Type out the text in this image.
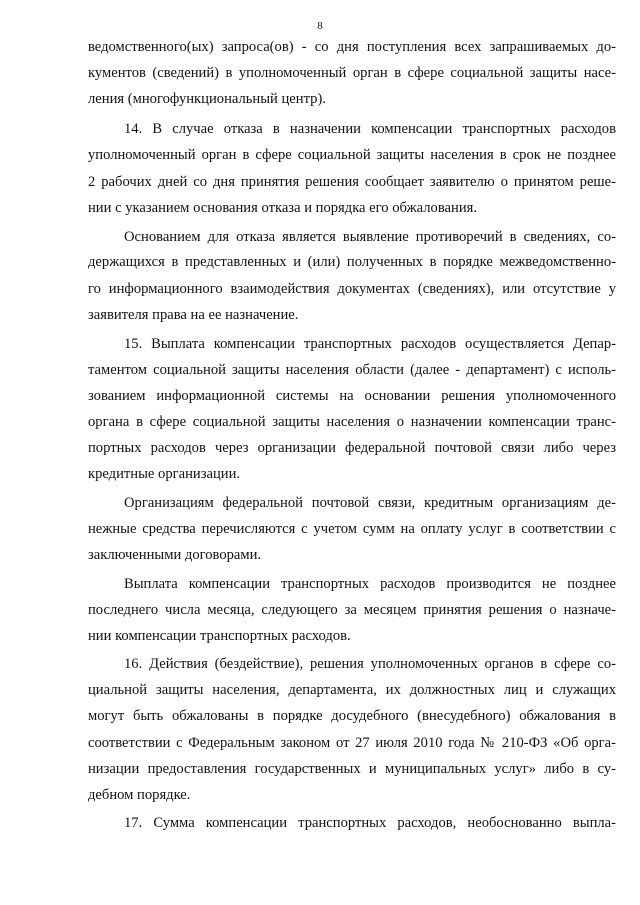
8
ведомственного(ых) запроса(ов) - со дня поступления всех запрашиваемых до-
кументов (сведений) в уполномоченный орган в сфере социальной защиты насе-
ления (многофункциональный центр).
14. В случае отказа в назначении компенсации транспортных расходов
уполномоченный орган в сфере социальной защиты населения в срок не позднее
2 рабочих дней со дня принятия решения сообщает заявителю о принятом реше-
нии с указанием основания отказа и порядка его обжалования.
Основанием для отказа является выявление противоречий в сведениях, со-
держащихся в представленных и (или) полученных в порядке межведомственно-
го информационного взаимодействия документах (сведениях), или отсутствие у
заявителя права на ее назначение.
15. Выплата компенсации транспортных расходов осуществляется Депар-
таментом социальной защиты населения области (далее - департамент) с исполь-
зованием информационной системы на основании решения уполномоченного
органа в сфере социальной защиты населения о назначении компенсации транс-
портных расходов через организации федеральной почтовой связи либо через
кредитные организации.
Организациям федеральной почтовой связи, кредитным организациям де-
нежные средства перечисляются с учетом сумм на оплату услуг в соответствии с
заключенными договорами.
Выплата компенсации транспортных расходов производится не позднее
последнего числа месяца, следующего за месяцем принятия решения о назначе-
нии компенсации транспортных расходов.
16. Действия (бездействие), решения уполномоченных органов в сфере со-
циальной защиты населения, департамента, их должностных лиц и служащих
могут быть обжалованы в порядке досудебного (внесудебного) обжалования в
соответствии с Федеральным законом от 27 июля 2010 года № 210-ФЗ «Об орга-
низации предоставления государственных и муниципальных услуг» либо в су-
дебном порядке.
17. Сумма компенсации транспортных расходов, необоснованно выпла-
